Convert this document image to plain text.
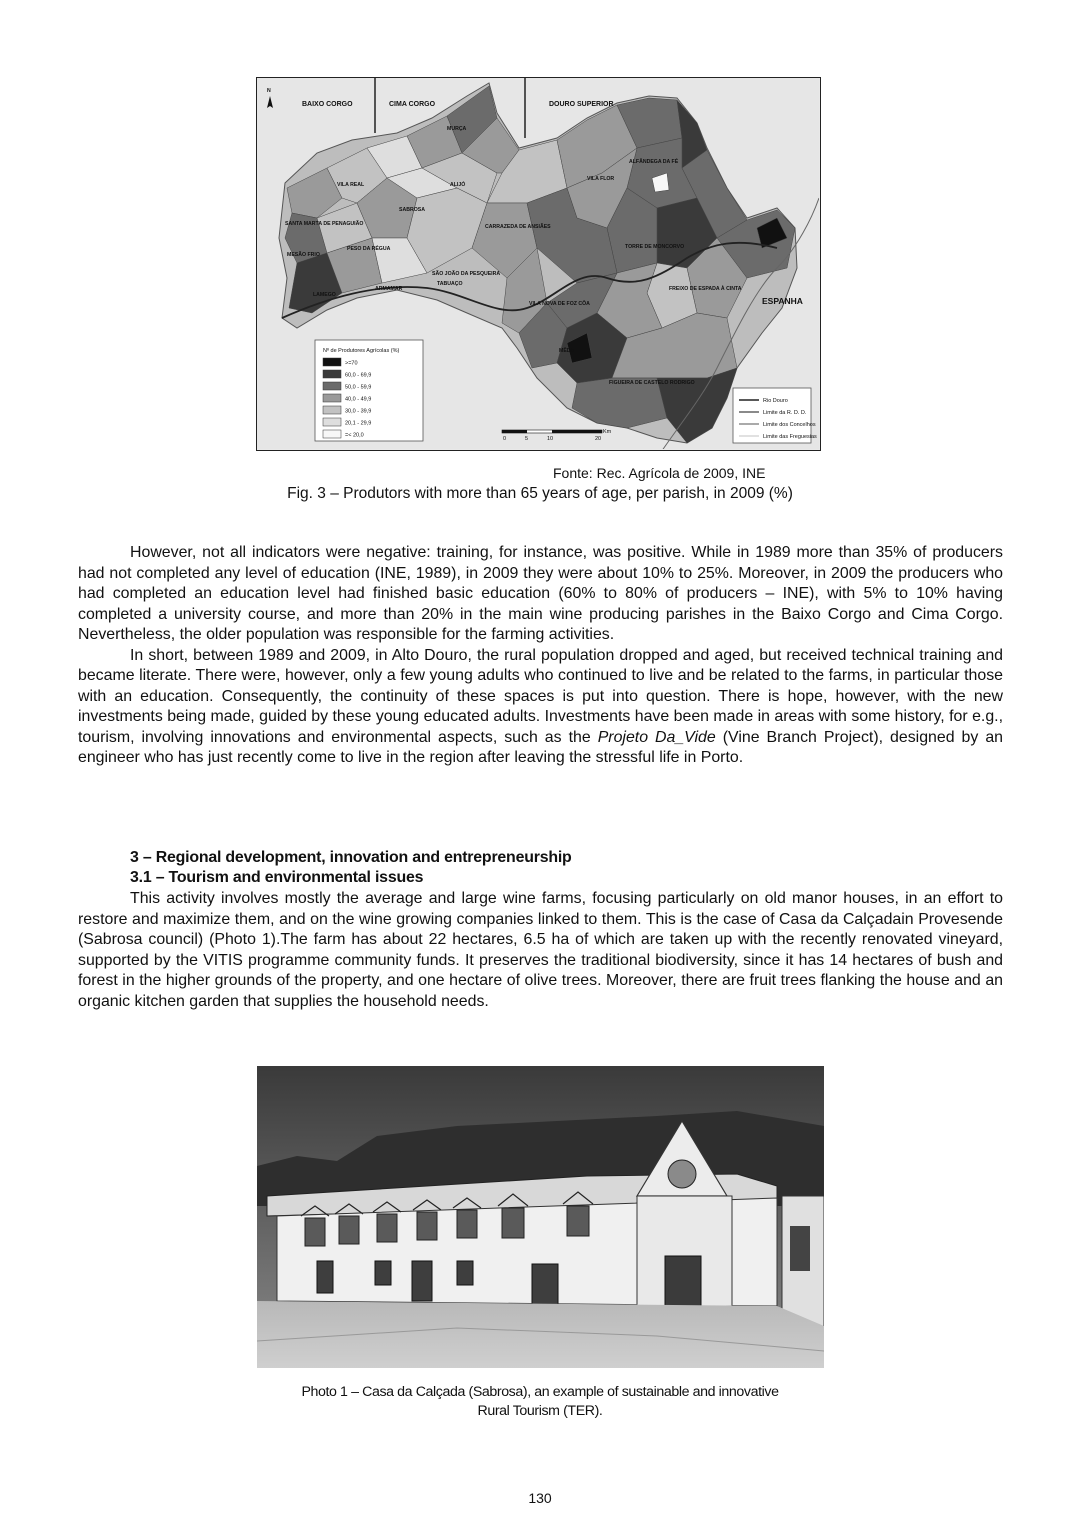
N
BAIXO CORGO	CIMA CORGO	DOURO SUPERIOR
ESPANHA
MURÇA
ALIJÓ
VILA FLOR
ALFÂNDEGA DA FÉ
VILA REAL
SABROSA
SANTA MARTA DE PENAGUIÃO
MESÃO FRIO
PESO DA RÉGUA
CARRAZEDA DE ANSIÃES
TORRE DE MONCORVO
SÃO JOÃO DA PESQUEIRA
TABUAÇO
ARMAMAR
LAMEGO
FREIXO DE ESPADA À CINTA
VILA NOVA DE FOZ CÔA
MÊDA
FIGUEIRA DE CASTELO RODRIGO
Nº de Produtores Agrícolas (%)
>=70
60,0 - 69,9
50,0 - 59,9
40,0 - 49,9
30,0 - 39,9
20,1 - 29,9
=< 20,0
0	5	10	20
Km
Rio Douro
Limite da R. D. D.
Limite dos Concelhos
Limite das Freguesias
Fonte: Rec. Agrícola de 2009, INE
Fig. 3 – Produtors with more than 65 years of age, per parish, in 2009 (%)

However, not all indicators were negative: training, for instance, was positive. While in 1989 more than 35% of producers had not completed any level of education (INE, 1989), in 2009 they were about 10% to 25%. Moreover, in 2009 the producers who had completed an education level had finished basic education (60% to 80% of producers – INE), with 5% to 10% having completed a university course, and more than 20% in the main wine producing parishes in the Baixo Corgo and Cima Corgo. Nevertheless, the older population was responsible for the farming activities.

In short, between 1989 and 2009, in Alto Douro, the rural population dropped and aged, but received technical training and became literate. There were, however, only a few young adults who continued to live and be related to the farms, in particular those with an education. Consequently, the continuity of these spaces is put into question. There is hope, however, with the new investments being made, guided by these young educated adults. Investments have been made in areas with some history, for e.g., tourism, involving innovations and environmental aspects, such as the Projeto Da_Vide (Vine Branch Project), designed by an engineer who has just recently come to live in the region after leaving the stressful life in Porto.

3 – Regional development, innovation and entrepreneurship
3.1 – Tourism and environmental issues

This activity involves mostly the average and large wine farms, focusing particularly on old manor houses, in an effort to restore and maximize them, and on the wine growing companies linked to them. This is the case of Casa da Calçadain Provesende (Sabrosa council) (Photo 1).The farm has about 22 hectares, 6.5 ha of which are taken up with the recently renovated vineyard, supported by the VITIS programme community funds. It preserves the traditional biodiversity, since it has 14 hectares of bush and forest in the higher grounds of the property, and one hectare of olive trees. Moreover, there are fruit trees flanking the house and an organic kitchen garden that supplies the household needs.

Photo 1 – Casa da Calçada (Sabrosa), an example of sustainable and innovative
Rural Tourism (TER).
130
